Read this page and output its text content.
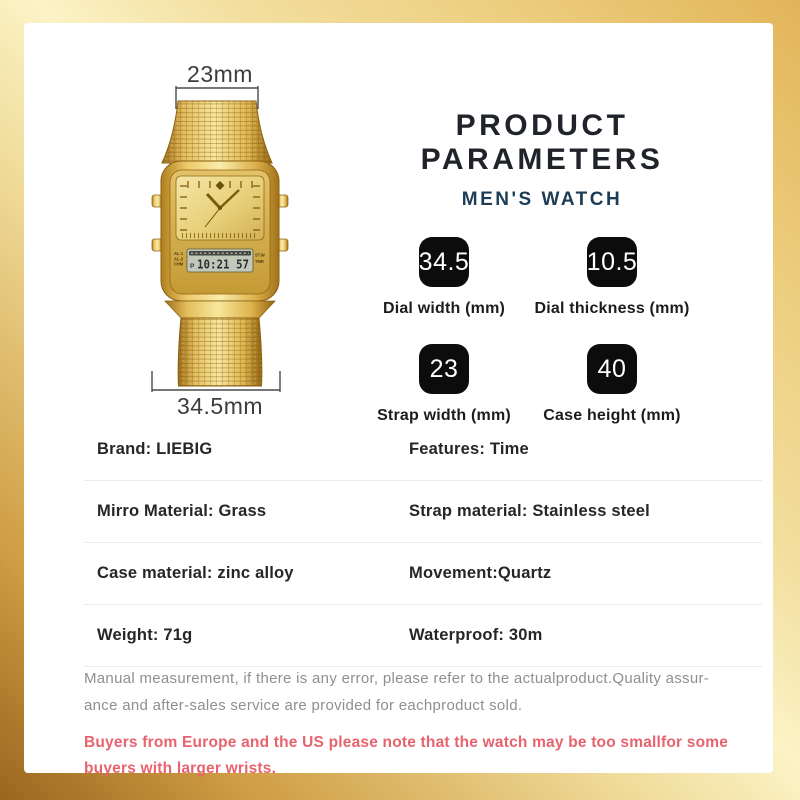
P 10:21 57
AL-1
AL-2
CHM
ST.W
TMR
23mm
34.5mm
PRODUCT PARAMETERS
MEN'S WATCH
34.5
Dial width (mm)
10.5
Dial thickness (mm)
23
Strap width (mm)
40
Case height (mm)
Brand: LIEBIG	Features: Time
Mirro Material: Grass	Strap material: Stainless steel
Case material: zinc alloy	Movement:Quartz
Weight: 71g	Waterproof: 30m

Manual measurement, if there is any error, please refer to the actualproduct.Quality assur-
ance and after-sales service are provided for eachproduct sold.

Buyers from Europe and the US please note that the watch may be too smallfor some
buyers with larger wrists.
